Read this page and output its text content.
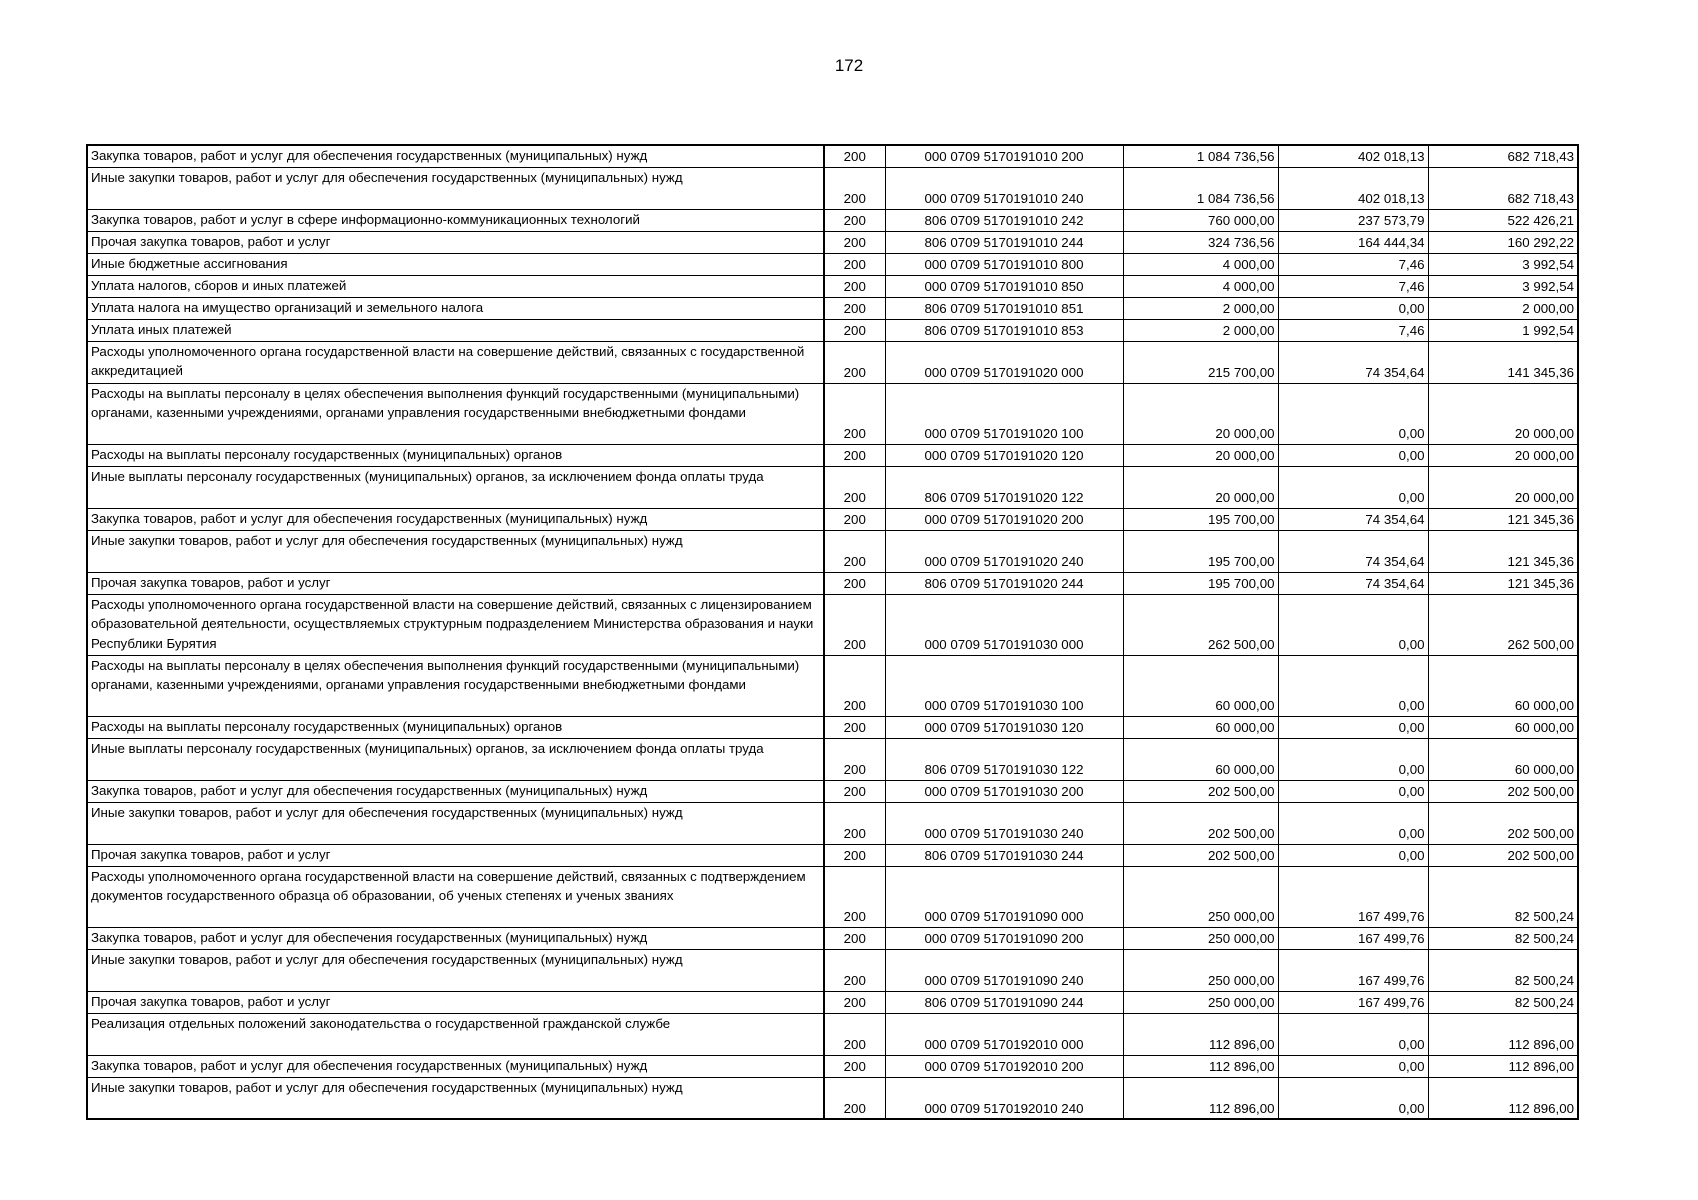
172
Закупка товаров, работ и услуг для обеспечения государственных (муниципальных) нужд	200	000 0709 5170191010 200	1 084 736,56	402 018,13	682 718,43
Иные закупки товаров, работ и услуг для обеспечения государственных (муниципальных) нужд	200	000 0709 5170191010 240	1 084 736,56	402 018,13	682 718,43
Закупка товаров, работ и услуг в сфере информационно-коммуникационных технологий	200	806 0709 5170191010 242	760 000,00	237 573,79	522 426,21
Прочая закупка товаров, работ и услуг	200	806 0709 5170191010 244	324 736,56	164 444,34	160 292,22
Иные бюджетные ассигнования	200	000 0709 5170191010 800	4 000,00	7,46	3 992,54
Уплата налогов, сборов и иных платежей	200	000 0709 5170191010 850	4 000,00	7,46	3 992,54
Уплата налога на имущество организаций и земельного налога	200	806 0709 5170191010 851	2 000,00	0,00	2 000,00
Уплата иных платежей	200	806 0709 5170191010 853	2 000,00	7,46	1 992,54
Расходы уполномоченного органа государственной власти на совершение действий, связанных с государственной аккредитацией	200	000 0709 5170191020 000	215 700,00	74 354,64	141 345,36
Расходы на выплаты персоналу в целях обеспечения выполнения функций государственными (муниципальными) органами, казенными учреждениями, органами управления государственными внебюджетными фондами	200	000 0709 5170191020 100	20 000,00	0,00	20 000,00
Расходы на выплаты персоналу государственных (муниципальных) органов	200	000 0709 5170191020 120	20 000,00	0,00	20 000,00
Иные выплаты персоналу государственных (муниципальных) органов, за исключением фонда оплаты труда	200	806 0709 5170191020 122	20 000,00	0,00	20 000,00
Закупка товаров, работ и услуг для обеспечения государственных (муниципальных) нужд	200	000 0709 5170191020 200	195 700,00	74 354,64	121 345,36
Иные закупки товаров, работ и услуг для обеспечения государственных (муниципальных) нужд	200	000 0709 5170191020 240	195 700,00	74 354,64	121 345,36
Прочая закупка товаров, работ и услуг	200	806 0709 5170191020 244	195 700,00	74 354,64	121 345,36
Расходы уполномоченного органа государственной власти на совершение действий, связанных с лицензированием образовательной деятельности, осуществляемых структурным подразделением Министерства образования и науки Республики Бурятия	200	000 0709 5170191030 000	262 500,00	0,00	262 500,00
Расходы на выплаты персоналу в целях обеспечения выполнения функций государственными (муниципальными) органами, казенными учреждениями, органами управления государственными внебюджетными фондами	200	000 0709 5170191030 100	60 000,00	0,00	60 000,00
Расходы на выплаты персоналу государственных (муниципальных) органов	200	000 0709 5170191030 120	60 000,00	0,00	60 000,00
Иные выплаты персоналу государственных (муниципальных) органов, за исключением фонда оплаты труда	200	806 0709 5170191030 122	60 000,00	0,00	60 000,00
Закупка товаров, работ и услуг для обеспечения государственных (муниципальных) нужд	200	000 0709 5170191030 200	202 500,00	0,00	202 500,00
Иные закупки товаров, работ и услуг для обеспечения государственных (муниципальных) нужд	200	000 0709 5170191030 240	202 500,00	0,00	202 500,00
Прочая закупка товаров, работ и услуг	200	806 0709 5170191030 244	202 500,00	0,00	202 500,00
Расходы уполномоченного органа государственной власти на совершение действий, связанных с подтверждением документов государственного образца об образовании, об ученых степенях и ученых званиях	200	000 0709 5170191090 000	250 000,00	167 499,76	82 500,24
Закупка товаров, работ и услуг для обеспечения государственных (муниципальных) нужд	200	000 0709 5170191090 200	250 000,00	167 499,76	82 500,24
Иные закупки товаров, работ и услуг для обеспечения государственных (муниципальных) нужд	200	000 0709 5170191090 240	250 000,00	167 499,76	82 500,24
Прочая закупка товаров, работ и услуг	200	806 0709 5170191090 244	250 000,00	167 499,76	82 500,24
Реализация отдельных положений законодательства о государственной гражданской службе	200	000 0709 5170192010 000	112 896,00	0,00	112 896,00
Закупка товаров, работ и услуг для обеспечения государственных (муниципальных) нужд	200	000 0709 5170192010 200	112 896,00	0,00	112 896,00
Иные закупки товаров, работ и услуг для обеспечения государственных (муниципальных) нужд	200	000 0709 5170192010 240	112 896,00	0,00	112 896,00
